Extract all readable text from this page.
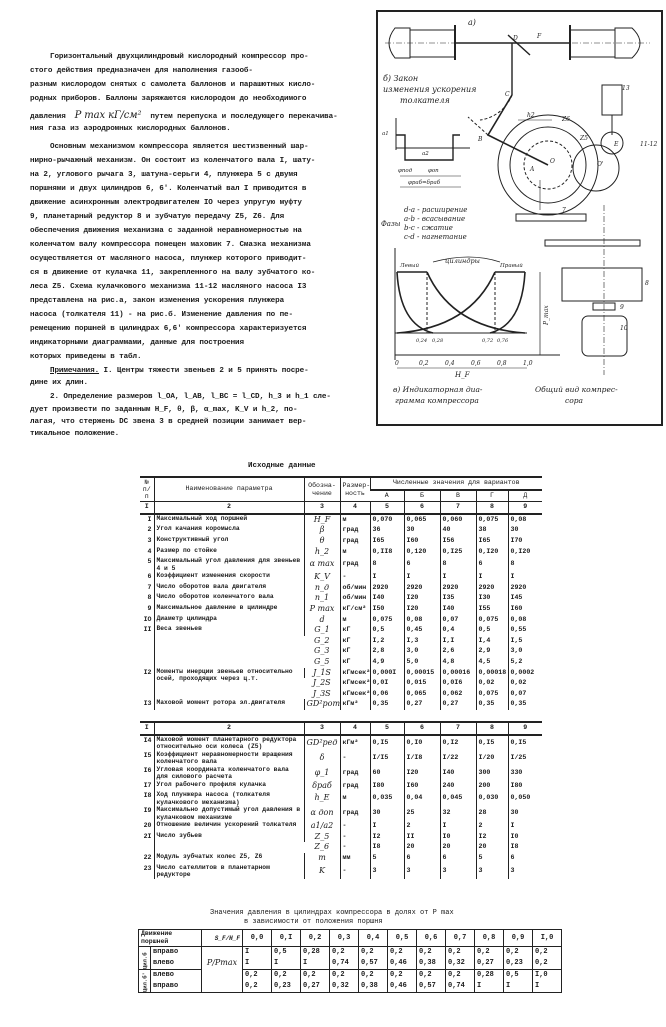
Горизонтальный двухцилиндровый кислородный компрессор про-
стого действия предназначен для наполнения газооб-
разным кислородом снятых с самолета баллонов и парашютных кисло-
родных приборов. Баллоны заряжаются кислородом до необходимого
давления P max кГ/см² путем перепуска и последующего перекачива-
ния газа из аэродромных кислородных баллонов.
Основным механизмом компрессора является шестизвенный шар-
нирно-рычажный механизм. Он состоит из коленчатого вала I, шату-
на 2, углового рычага 3, шатуна-серьги 4, плунжера 5 с двумя
поршнями и двух цилиндров 6, 6'. Коленчатый вал I приводится в
движение асинхронным электродвигателем IO через упругую муфту
9, планетарный редуктор 8 и зубчатую передачу Z5, Z6. Для
обеспечения движения механизма с заданной неравномерностью на
коленчатом валу компрессора помещен маховик 7. Смазка механизма
осуществляется от масляного насоса, плунжер которого приводит-
ся в движение от кулачка 11, закрепленного на валу зубчатого ко-
леса Z5. Схема кулачкового механизма 11-12 масляного насоса I3
представлена на рис.а, закон изменения ускорения плунжера
насоса (толкателя 11) - на рис.б. Изменение давления по пе-
ремещению поршней в цилиндрах 6,6' компрессора характеризуется
индикаторными диаграммами, данные для построения
которых приведены в табл.
Примечания. I. Центры тяжести звеньев 2 и 5 принять посре-
дине их длин.
2. Определение размеров l_OA, l_AB, l_BC = l_CD, h_3 и h_1 сле-
дует произвести по заданным H_F, θ, β, α_max, K_V и h_2, по-
лагая, что стержень DC звена 3 в средней позиции занимает вер-
тикальное положение.
а)
б) Закон
изменения ускорения
толкателя
d-a - расширение
a-b - всасывание
b-c - сжатие
c-d - нагнетание
Фазы
Левый
цилиндры
Правый
0	0,2	0,4	0,6	0,8	1,0
0,24 0,28	0,72 0,76
H_F
P_max
в) Индикаторная диа-
грамма компрессора
Общий вид компрес-
сора
A
B
C
D
E
F
O	O'
Z5
Z6
h2
7
8
9
10
11-12
13
φпод	φоп
φраб=δраб
a1
a2
Исходные данные
№ п/п	Наименование параметра	Обозна-чение	Размер-ность	Численные значения для вариантов				
				А	Б	В	Г	Д
I	2	3	4	5	6	7	8	9
I	Максимальный ход поршней	H_F	м	0,070	0,065	0,060	0,075	0,08
2	Угол качания коромысла	β	град	36	30	40	38	30
3	Конструктивный угол	θ	град	I65	I60	I56	I65	I70
4	Размер по стойке	h_2	м	0,II8	0,120	0,I25	0,I20	0,I20
5	Максимальный угол давления для звеньев 4 и 5	α max	град	8	6	8	6	8
6	Коэффициент изменения скорости	K_V	-	I	I	I	I	I
7	Число оборотов вала двигателя	n_д	об/мин	2920	2920	2920	2920	2920
8	Число оборотов коленчатого вала	n_1	об/мин	I40	I20	I35	I30	I45
9	Максимальное давление в цилиндре	P max	кГ/см²	I50	I20	I40	I55	I60
IO	Диаметр цилиндра	d	м	0,075	0,08	0,07	0,075	0,08
II	Веса звеньев	G_1	кГ	0,5	0,45	0,4	0,5	0,55
		G_2	кГ	I,2	I,3	I,I	I,4	I,5
		G_3	кГ	2,8	3,0	2,6	2,9	3,0
		G_5	кГ	4,9	5,0	4,8	4,5	5,2
I2	Моменты инерции звеньев относительно осей, проходящих через ц.т.	J_1S	кГмсек²	0,000I	0,00015	0,00016	0,00018	0,0002
		J_2S	кГмсек²	0,0I	0,015	0,0I6	0,02	0,02
		J_3S	кГмсек²	0,06	0,065	0,062	0,075	0,07
I3	Маховой момент ротора эл.двигателя	GD²рот	кГм²	0,35	0,27	0,27	0,35	0,35
I	2	3	4	5	6	7	8	9
I4	Маховой момент планетарного редуктора относительно оси колеса (Z5)	GD²ред	кГм²	0,I5	0,I0	0,I2	0,I5	0,I5
I5	Коэффициент неравномерности вращения коленчатого вала	δ	-	I/I5	I/I8	I/22	I/20	I/25
I6	Угловая координата коленчатого вала для силового расчета	φ_1	град	60	I20	I40	300	330
I7	Угол рабочего профиля кулачка	δраб	град	I80	I60	240	200	I80
I8	Ход плунжера насоса (толкателя кулачкового механизма)	h_E	м	0,035	0,04	0,045	0,030	0,050
I9	Максимально допустимый угол давления в кулачковом механизме	α доп	град	30	25	32	28	30
20	Отношение величин ускорений толкателя	a1/a2	-	I	2	I	2	I
2I	Число зубьев	Z_5	-	I2	II	I0	I2	I0
		Z_6	-	I8	20	20	20	I8
22	Модуль зубчатых колес Z5, Z6	m	мм	5	6	6	5	6
23	Число сателлитов в планетарном редукторе	K	-	3	3	3	3	3
Значения давления в цилиндрах компрессора в долях от P max
в зависимости от положения поршня
Движение поршней		S_F/H_F	0,0	0,I	0,2	0,3	0,4	0,5	0,6	0,7	0,8	0,9	I,0
Цил.б	вправо	P/Pmax	I	0,5	0,28	0,2	0,2	0,2	0,2	0,2	0,2	0,2	0,2
	влево		I	I	I	0,74	0,57	0,46	0,38	0,32	0,27	0,23	0,2
Цил.б'	влево		0,2	0,2	0,2	0,2	0,2	0,2	0,2	0,2	0,28	0,5	I,0
	вправо		0,2	0,23	0,27	0,32	0,38	0,46	0,57	0,74	I	I	I
